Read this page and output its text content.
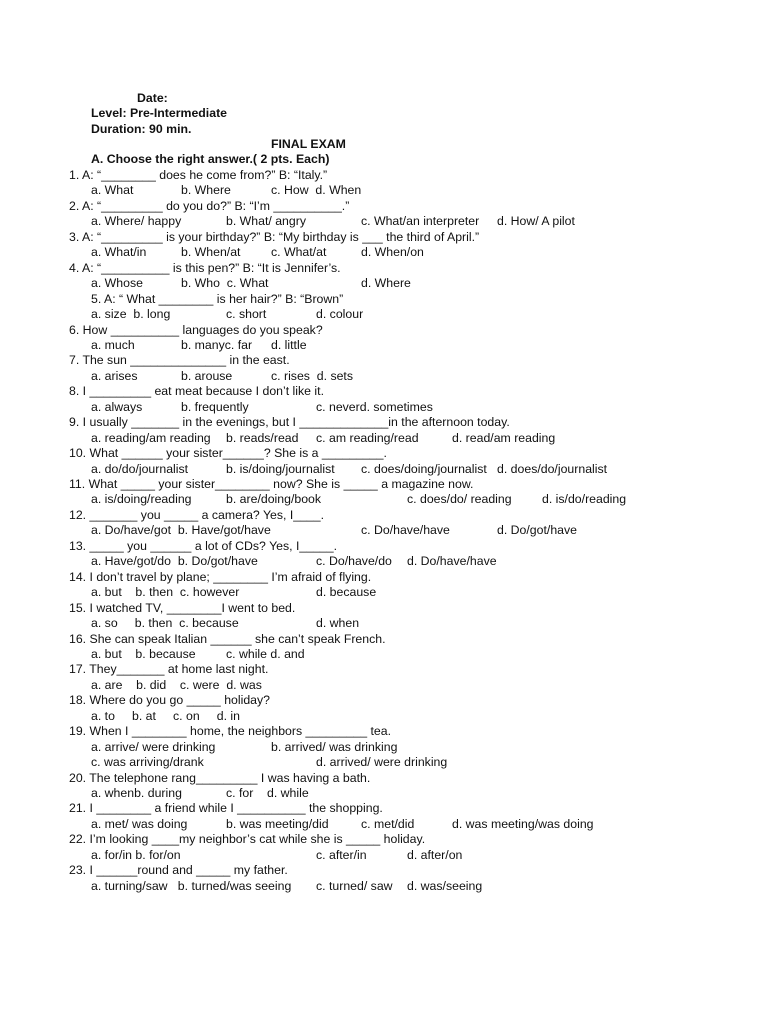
Date:
Level: Pre-Intermediate
Duration: 90 min.
FINAL EXAM
A. Choose the right answer.( 2 pts. Each)
1. A: “________ does he come from?” B: “Italy.”
a. What	b. Where	c. How  d. When
2. A: “_________ do you do?” B: “I’m __________.”
a. Where/ happy	b. What/ angry	c. What/an interpreter d. How/ A pilot
3. A: “_________ is your birthday?” B: “My birthday is ___ the third of April.”
a. What/in	b. When/at c. What/at	d. When/on
4. A: “__________ is this pen?” B: “It is Jennifer’s.
a. Whose	b. Who  c. What	d. Where
5. A: “ What ________ is her hair?” B: “Brown”
a. size  b. long	c. short	d. colour
6. How __________ languages do you speak?
a. much	b. manyc. far d. little
7. The sun ______________ in the east.
a. arises	b. arouse	c. rises  d. sets
8. I _________ eat meat because I don’t like it.
a. always	b. frequently	c. neverd. sometimes
9. I usually _______ in the evenings, but I _____________in the afternoon today.
a. reading/am reading b. reads/read c. am reading/read	d. read/am reading
10. What ______ your sister______? She is a _________.
a. do/do/journalist	b. is/doing/journalist c. does/doing/journalist d. does/do/journalist
11. What _____ your sister________ now? She is _____ a magazine now.
a. is/doing/reading	b. are/doing/book	c. does/do/ reading d. is/do/reading
12. _______ you _____ a camera? Yes, I____.
a. Do/have/got  b. Have/got/have	c. Do/have/have	d. Do/got/have
13. _____ you ______ a lot of CDs? Yes, I_____.
a. Have/got/do  b. Do/got/have	c. Do/have/do d. Do/have/have
14. I don’t travel by plane; ________ I’m afraid of flying.
a. but    b. then  c. however	d. because
15. I watched TV, ________I went to bed.
a. so     b. then  c. because	d. when
16. She can speak Italian ______ she can’t speak French.
a. but    b. because c. while d. and
17. They_______ at home last night.
a. are    b. did    c. were  d. was
18. Where do you go _____ holiday?
a. to     b. at     c. on     d. in
19. When I ________ home, the neighbors _________ tea.
a. arrive/ were drinking	b. arrived/ was drinking
c. was arriving/drank	d. arrived/ were drinking
20. The telephone rang_________ I was having a bath.
a. whenb. during	c. for    d. while
21. I ________ a friend while I __________ the shopping.
a. met/ was doing	b. was meeting/did	c. met/did	d. was meeting/was doing
22. I’m looking ____my neighbor’s cat while she is _____ holiday.
a. for/in b. for/on	c. after/in	d. after/on
23. I ______round and _____ my father.
a. turning/saw   b. turned/was seeing c. turned/ saw d. was/seeing
